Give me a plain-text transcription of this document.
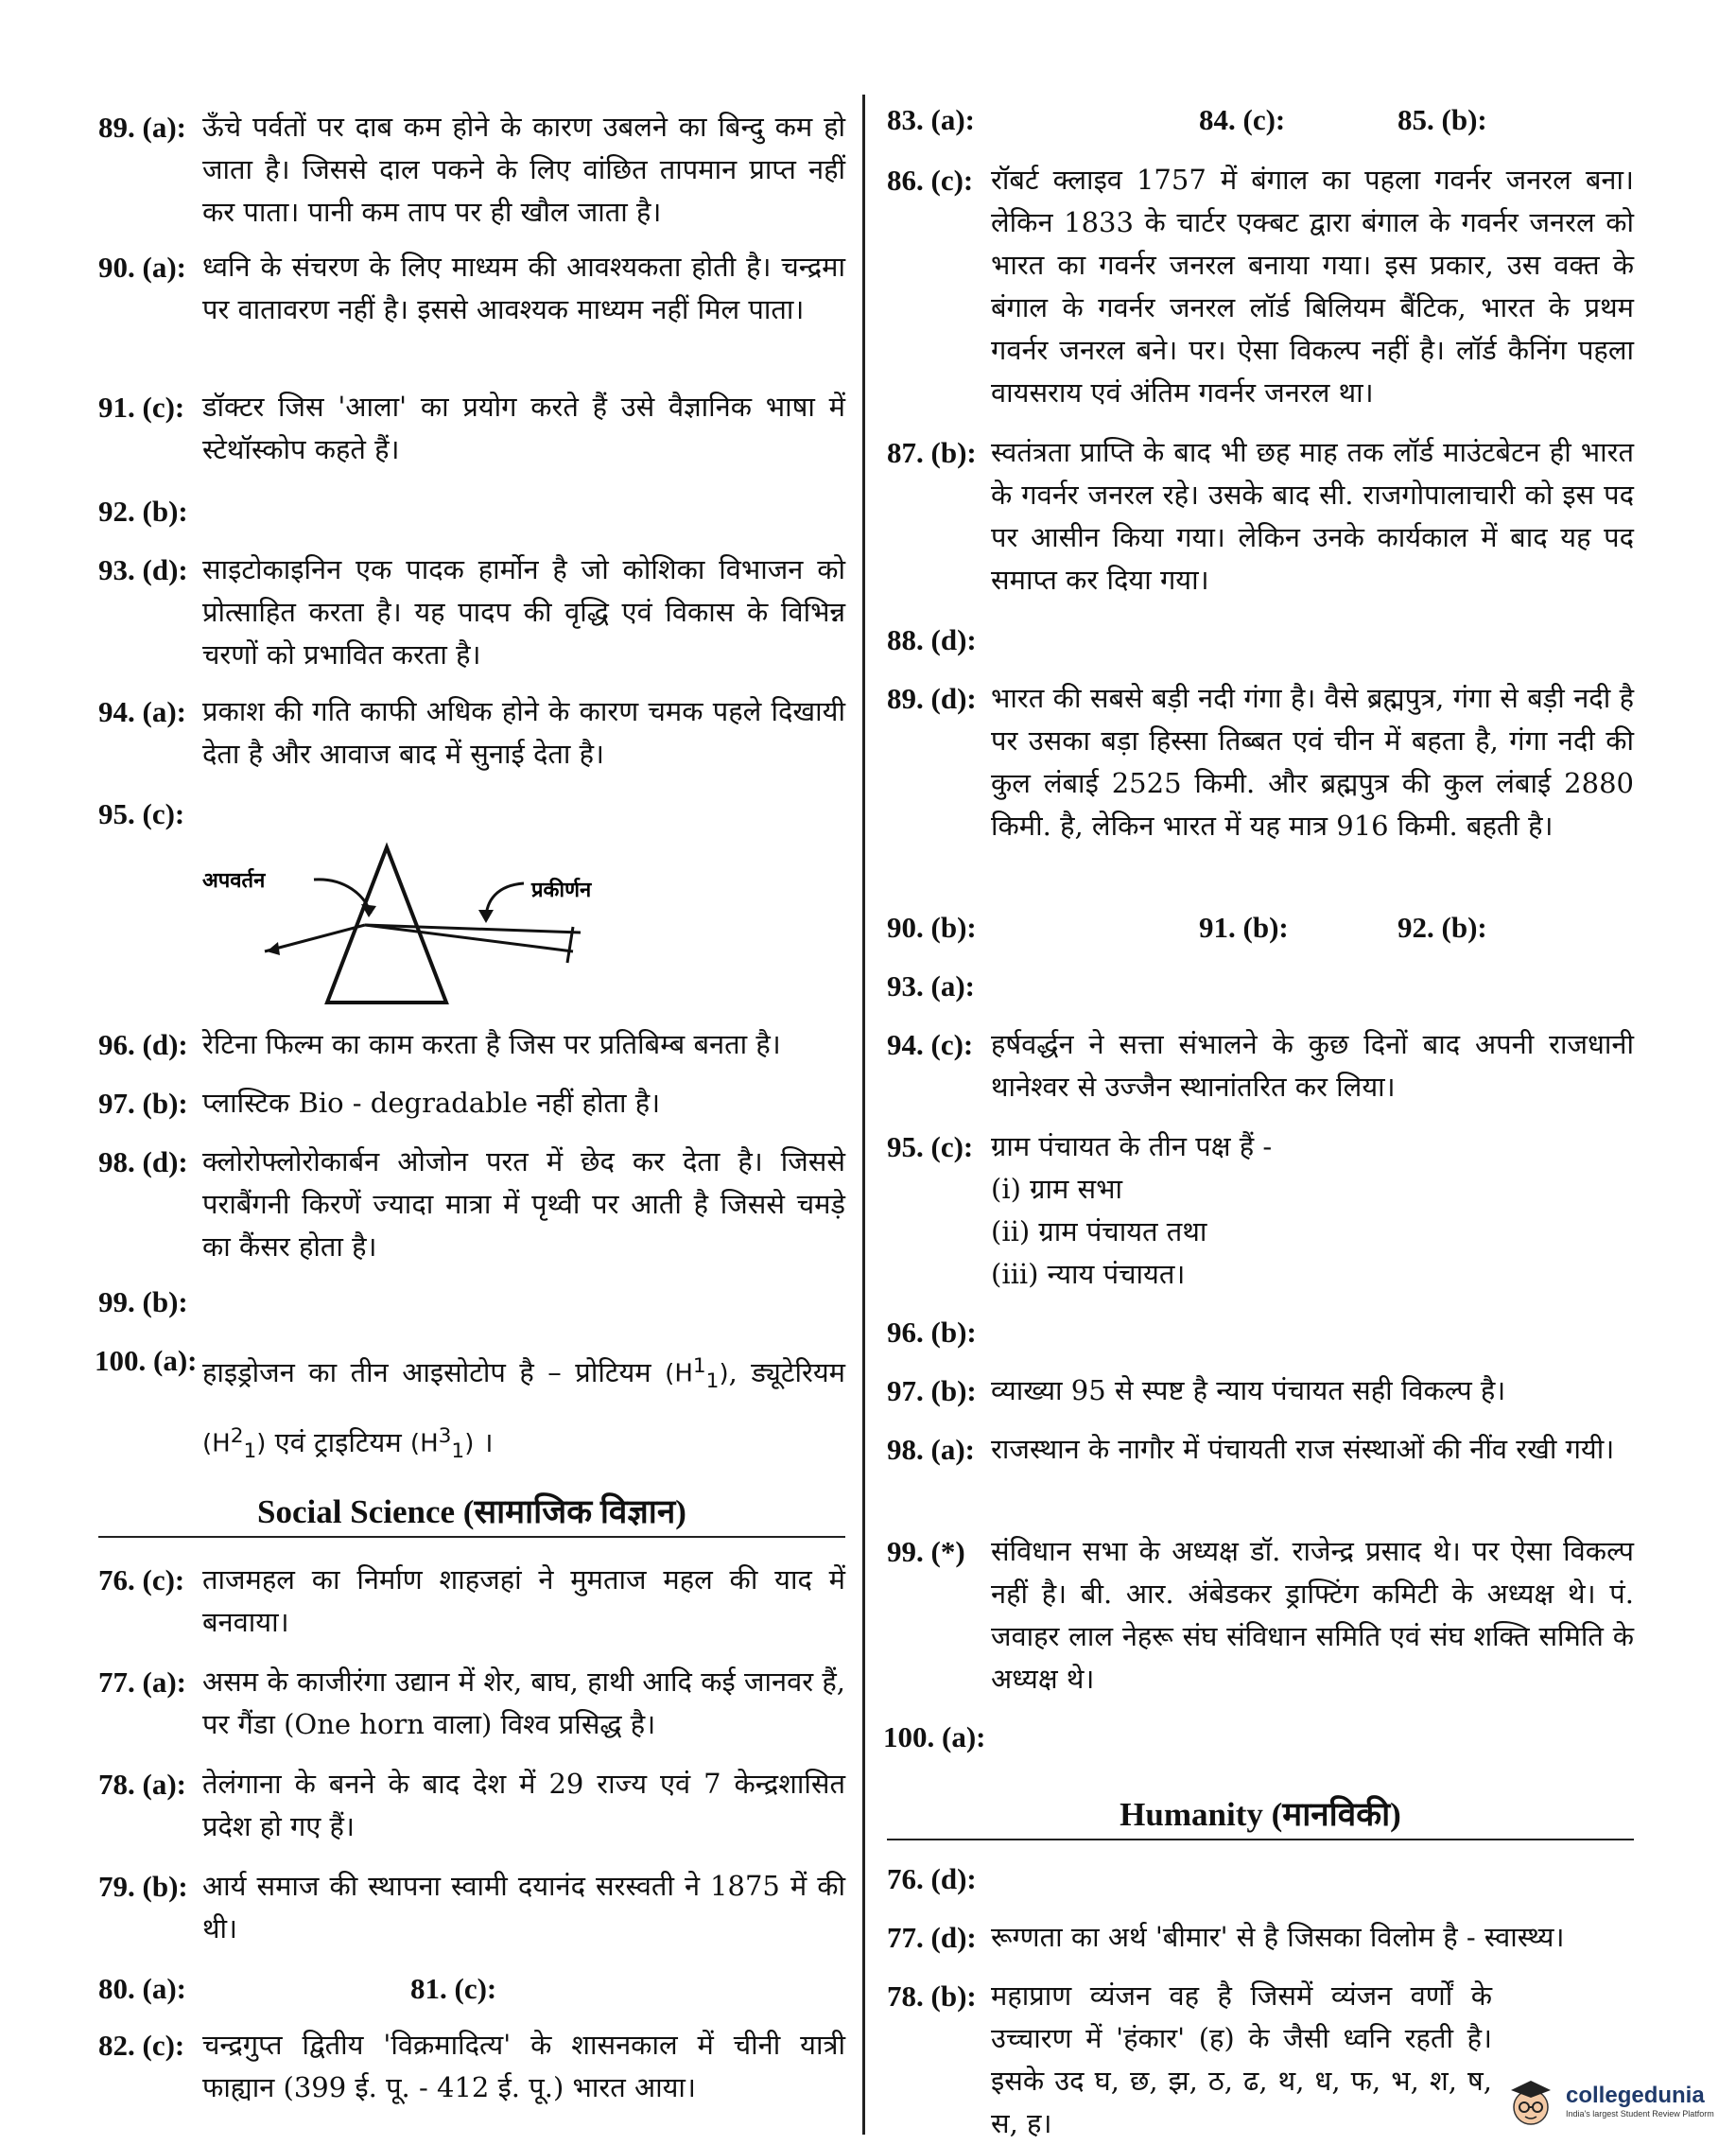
89. (a): ऊँचे पर्वतों पर दाब कम होने के कारण उबलने का बिन्दु कम हो जाता है। जिससे दाल पकने के लिए वांछित तापमान प्राप्त नहीं कर पाता। पानी कम ताप पर ही खौल जाता है।
90. (a): ध्वनि के संचरण के लिए माध्यम की आवश्यकता होती है। चन्द्रमा पर वातावरण नहीं है। इससे आवश्यक माध्यम नहीं मिल पाता।
91. (c): डॉक्टर जिस 'आला' का प्रयोग करते हैं उसे वैज्ञानिक भाषा में स्टेथॉस्कोप कहते हैं।
92. (b):
93. (d): साइटोकाइनिन एक पादक हार्मोन है जो कोशिका विभाजन को प्रोत्साहित करता है। यह पादप की वृद्धि एवं विकास के विभिन्न चरणों को प्रभावित करता है।
94. (a): प्रकाश की गति काफी अधिक होने के कारण चमक पहले दिखायी देता है और आवाज बाद में सुनाई देता है।
95. (c):
अपवर्तन	प्रकीर्णन
96. (d): रेटिना फिल्म का काम करता है जिस पर प्रतिबिम्ब बनता है।
97. (b): प्लास्टिक Bio - degradable नहीं होता है।
98. (d): क्लोरोफ्लोरोकार्बन ओजोन परत में छेद कर देता है। जिससे पराबैंगनी किरणें ज्यादा मात्रा में पृथ्वी पर आती है जिससे चमड़े का कैंसर होता है।
99. (b):
100. (a): हाइड्रोजन का तीन आइसोटोप है – प्रोटियम $(H^1_1)$, ड्यूटेरियम $(H^2_1)$ एवं ट्राइटियम $(H^3_1)$ ।
Social Science (सामाजिक विज्ञान)
76. (c): ताजमहल का निर्माण शाहजहां ने मुमताज महल की याद में बनवाया।
77. (a): असम के काजीरंगा उद्यान में शेर, बाघ, हाथी आदि कई जानवर हैं, पर गैंडा (One horn वाला) विश्व प्रसिद्ध है।
78. (a): तेलंगाना के बनने के बाद देश में 29 राज्य एवं 7 केन्द्रशासित प्रदेश हो गए हैं।
79. (b): आर्य समाज की स्थापना स्वामी दयानंद सरस्वती ने 1875 में की थी।
80. (a):	81. (c):
82. (c): चन्द्रगुप्त द्वितीय 'विक्रमादित्य' के शासनकाल में चीनी यात्री फाह्यान (399 ई. पू. - 412 ई. पू.) भारत आया।
83. (a):	84. (c):	85. (b):
86. (c): रॉबर्ट क्लाइव 1757 में बंगाल का पहला गवर्नर जनरल बना। लेकिन 1833 के चार्टर एक्बट द्वारा बंगाल के गवर्नर जनरल को भारत का गवर्नर जनरल बनाया गया। इस प्रकार, उस वक्त के बंगाल के गवर्नर जनरल लॉर्ड बिलियम बैंटिक, भारत के प्रथम गवर्नर जनरल बने। पर। ऐसा विकल्प नहीं है। लॉर्ड कैनिंग पहला वायसराय एवं अंतिम गवर्नर जनरल था।
87. (b): स्वतंत्रता प्राप्ति के बाद भी छह माह तक लॉर्ड माउंटबेटन ही भारत के गवर्नर जनरल रहे। उसके बाद सी. राजगोपालाचारी को इस पद पर आसीन किया गया। लेकिन उनके कार्यकाल में बाद यह पद समाप्त कर दिया गया।
88. (d):
89. (d): भारत की सबसे बड़ी नदी गंगा है। वैसे ब्रह्मपुत्र, गंगा से बड़ी नदी है पर उसका बड़ा हिस्सा तिब्बत एवं चीन में बहता है, गंगा नदी की कुल लंबाई 2525 किमी. और ब्रह्मपुत्र की कुल लंबाई 2880 किमी. है, लेकिन भारत में यह मात्र 916 किमी. बहती है।
90. (b):	91. (b):	92. (b):
93. (a):
94. (c): हर्षवर्द्धन ने सत्ता संभालने के कुछ दिनों बाद अपनी राजधानी थानेश्वर से उज्जैन स्थानांतरित कर लिया।
95. (c): ग्राम पंचायत के तीन पक्ष हैं -
(i) ग्राम सभा
(ii) ग्राम पंचायत तथा
(iii) न्याय पंचायत।
96. (b):
97. (b): व्याख्या 95 से स्पष्ट है न्याय पंचायत सही विकल्प है।
98. (a): राजस्थान के नागौर में पंचायती राज संस्थाओं की नींव रखी गयी।
99. (*) संविधान सभा के अध्यक्ष डॉ. राजेन्द्र प्रसाद थे। पर ऐसा विकल्प नहीं है। बी. आर. अंबेडकर ड्राफ्टिंग कमिटी के अध्यक्ष थे। पं. जवाहर लाल नेहरू संघ संविधान समिति एवं संघ शक्ति समिति के अध्यक्ष थे।
100. (a):
Humanity (मानविकी)
76. (d):
77. (d): रूग्णता का अर्थ 'बीमार' से है जिसका विलोम है - स्वास्थ्य।
78. (b): महाप्राण व्यंजन वह है जिसमें व्यंजन वर्णों के उच्चारण में 'हंकार' (ह) के जैसी ध्वनि रहती है। इसके उद घ, छ, झ, ठ, ढ, थ, ध, फ, भ, श, ष, स, ह।
collegedunia
India's largest Student Review Platform
